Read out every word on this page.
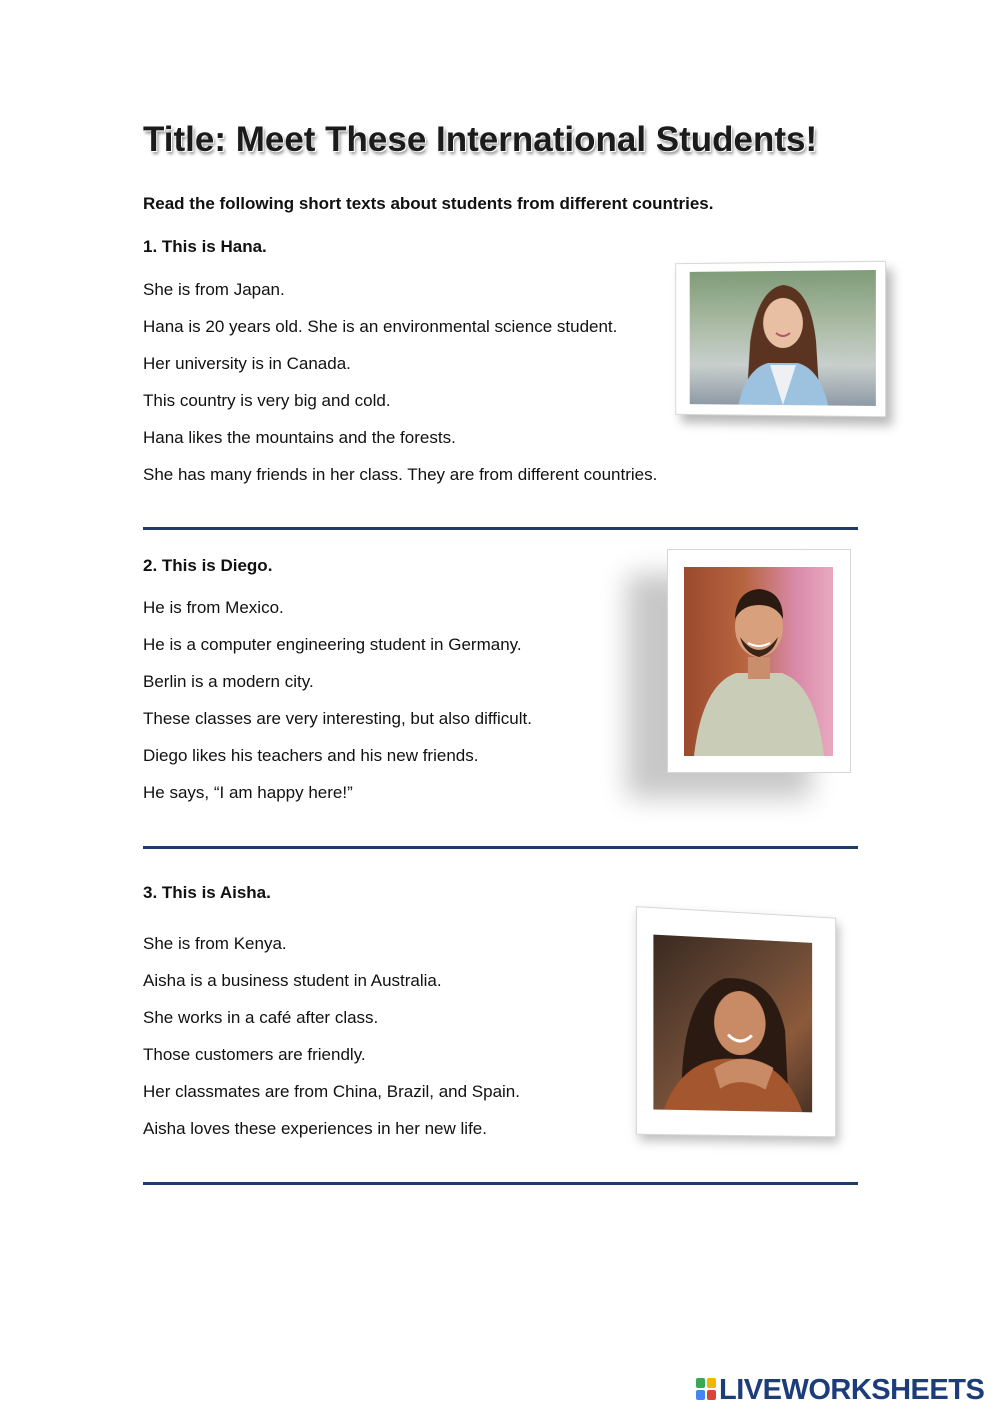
Title: Meet These International Students!

Read the following short texts about students from different countries.

1. This is Hana.

She is from Japan.
Hana is 20 years old. She is an environmental science student.
Her university is in Canada.
This country is very big and cold.
Hana likes the mountains and the forests.
She has many friends in her class. They are from different countries.

2. This is Diego.

He is from Mexico.
He is a computer engineering student in Germany.
Berlin is a modern city.
These classes are very interesting, but also difficult.
Diego likes his teachers and his new friends.
He says, “I am happy here!”

3. This is Aisha.

She is from Kenya.
Aisha is a business student in Australia.
She works in a café after class.
Those customers are friendly.
Her classmates are from China, Brazil, and Spain.
Aisha loves these experiences in her new life.
LIVEWORKSHEETS
